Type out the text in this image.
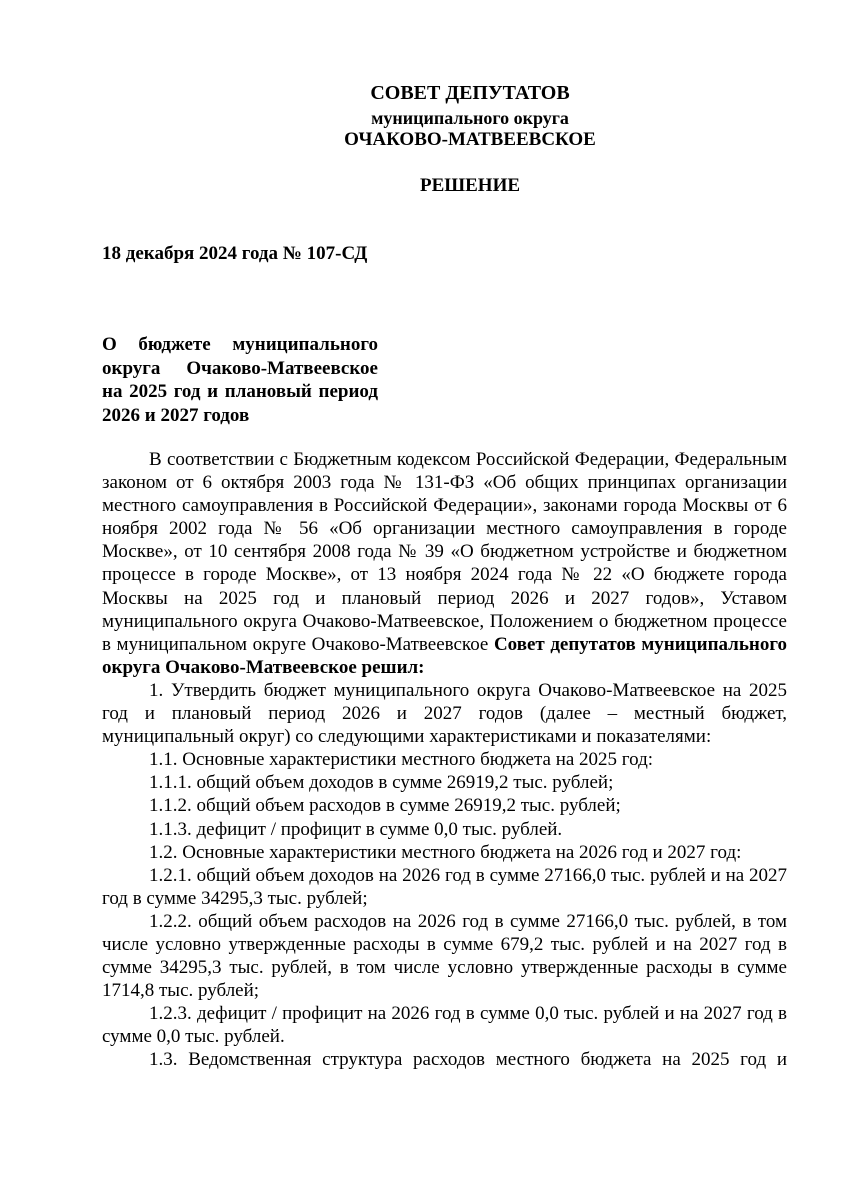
СОВЕТ ДЕПУТАТОВ
муниципального округа
ОЧАКОВО-МАТВЕЕВСКОЕ
РЕШЕНИЕ
18 декабря 2024 года № 107-СД
О бюджете муниципального округа Очаково-Матвеевское на 2025 год и плановый период 2026 и 2027 годов

В соответствии с Бюджетным кодексом Российской Федерации, Федеральным законом от 6 октября 2003 года № 131-ФЗ «Об общих принципах организации местного самоуправления в Российской Федерации», законами города Москвы от 6 ноября 2002 года № 56 «Об организации местного самоуправления в городе Москве», от 10 сентября 2008 года № 39 «О бюджетном устройстве и бюджетном процессе в городе Москве», от 13 ноября 2024 года № 22 «О бюджете города Москвы на 2025 год и плановый период 2026 и 2027 годов», Уставом муниципального округа Очаково-Матвеевское, Положением о бюджетном процессе в муниципальном округе Очаково-Матвеевское Совет депутатов муниципального округа Очаково-Матвеевское решил:

1. Утвердить бюджет муниципального округа Очаково-Матвеевское на 2025 год и плановый период 2026 и 2027 годов (далее – местный бюджет, муниципальный округ) со следующими характеристиками и показателями:

1.1. Основные характеристики местного бюджета на 2025 год:

1.1.1. общий объем доходов в сумме 26919,2 тыс. рублей;

1.1.2. общий объем расходов в сумме 26919,2 тыс. рублей;

1.1.3. дефицит / профицит в сумме 0,0 тыс. рублей.

1.2. Основные характеристики местного бюджета на 2026 год и 2027 год:

1.2.1. общий объем доходов на 2026 год в сумме 27166,0 тыс. рублей и на 2027 год в сумме 34295,3 тыс. рублей;

1.2.2. общий объем расходов на 2026 год в сумме 27166,0 тыс. рублей, в том числе условно утвержденные расходы в сумме 679,2 тыс. рублей и на 2027 год в сумме 34295,3 тыс. рублей, в том числе условно утвержденные расходы в сумме 1714,8 тыс. рублей;

1.2.3. дефицит / профицит на 2026 год в сумме 0,0 тыс. рублей и на 2027 год в сумме 0,0 тыс. рублей.

1.3. Ведомственная структура расходов местного бюджета на 2025 год и
